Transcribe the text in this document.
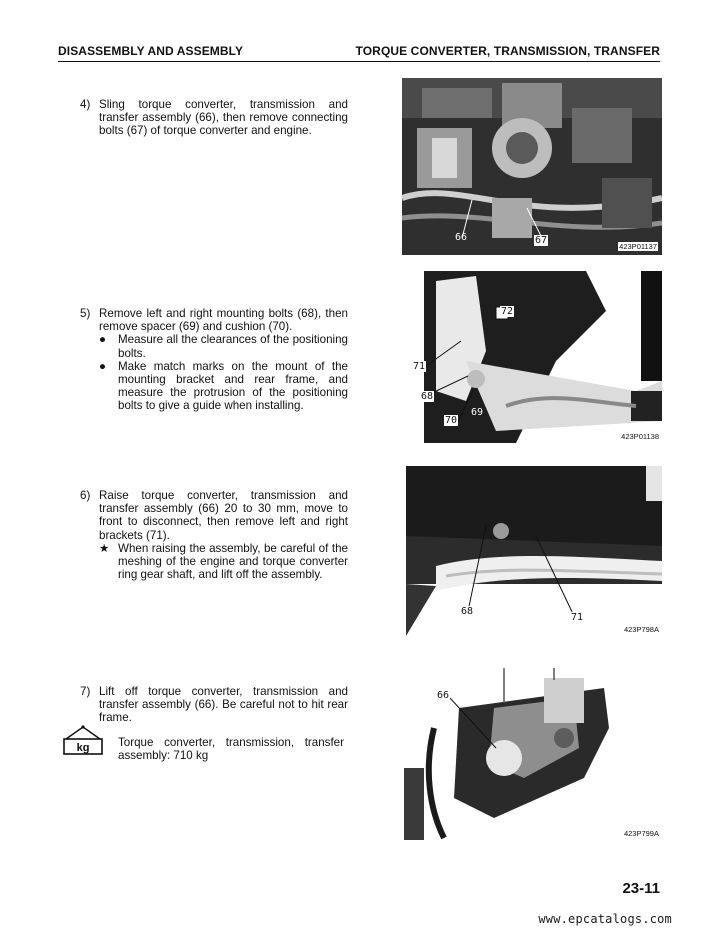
DISASSEMBLY AND ASSEMBLY	TORQUE CONVERTER, TRANSMISSION, TRANSFER
4) Sling torque converter, transmission and transfer assembly (66), then remove connecting bolts (67) of torque converter and engine.
5) Remove left and right mounting bolts (68), then remove spacer (69) and cushion (70).
● Measure all the clearances of the positioning bolts.
● Make match marks on the mount of the mounting bracket and rear frame, and measure the protrusion of the positioning bolts to give a guide when installing.
6) Raise torque converter, transmission and transfer assembly (66) 20 to 30 mm, move to front to disconnect, then remove left and right brackets (71).
★ When raising the assembly, be careful of the meshing of the engine and torque converter ring gear shaft, and lift off the assembly.
7) Lift off torque converter, transmission and transfer assembly (66). Be careful not to hit rear frame.
kg Torque converter, transmission, transfer assembly: 710 kg
66	67
423P01137
72
71
68
70
69
423P01138
68
71
423P798A
66
423P799A
23-11
www.epcatalogs.com
